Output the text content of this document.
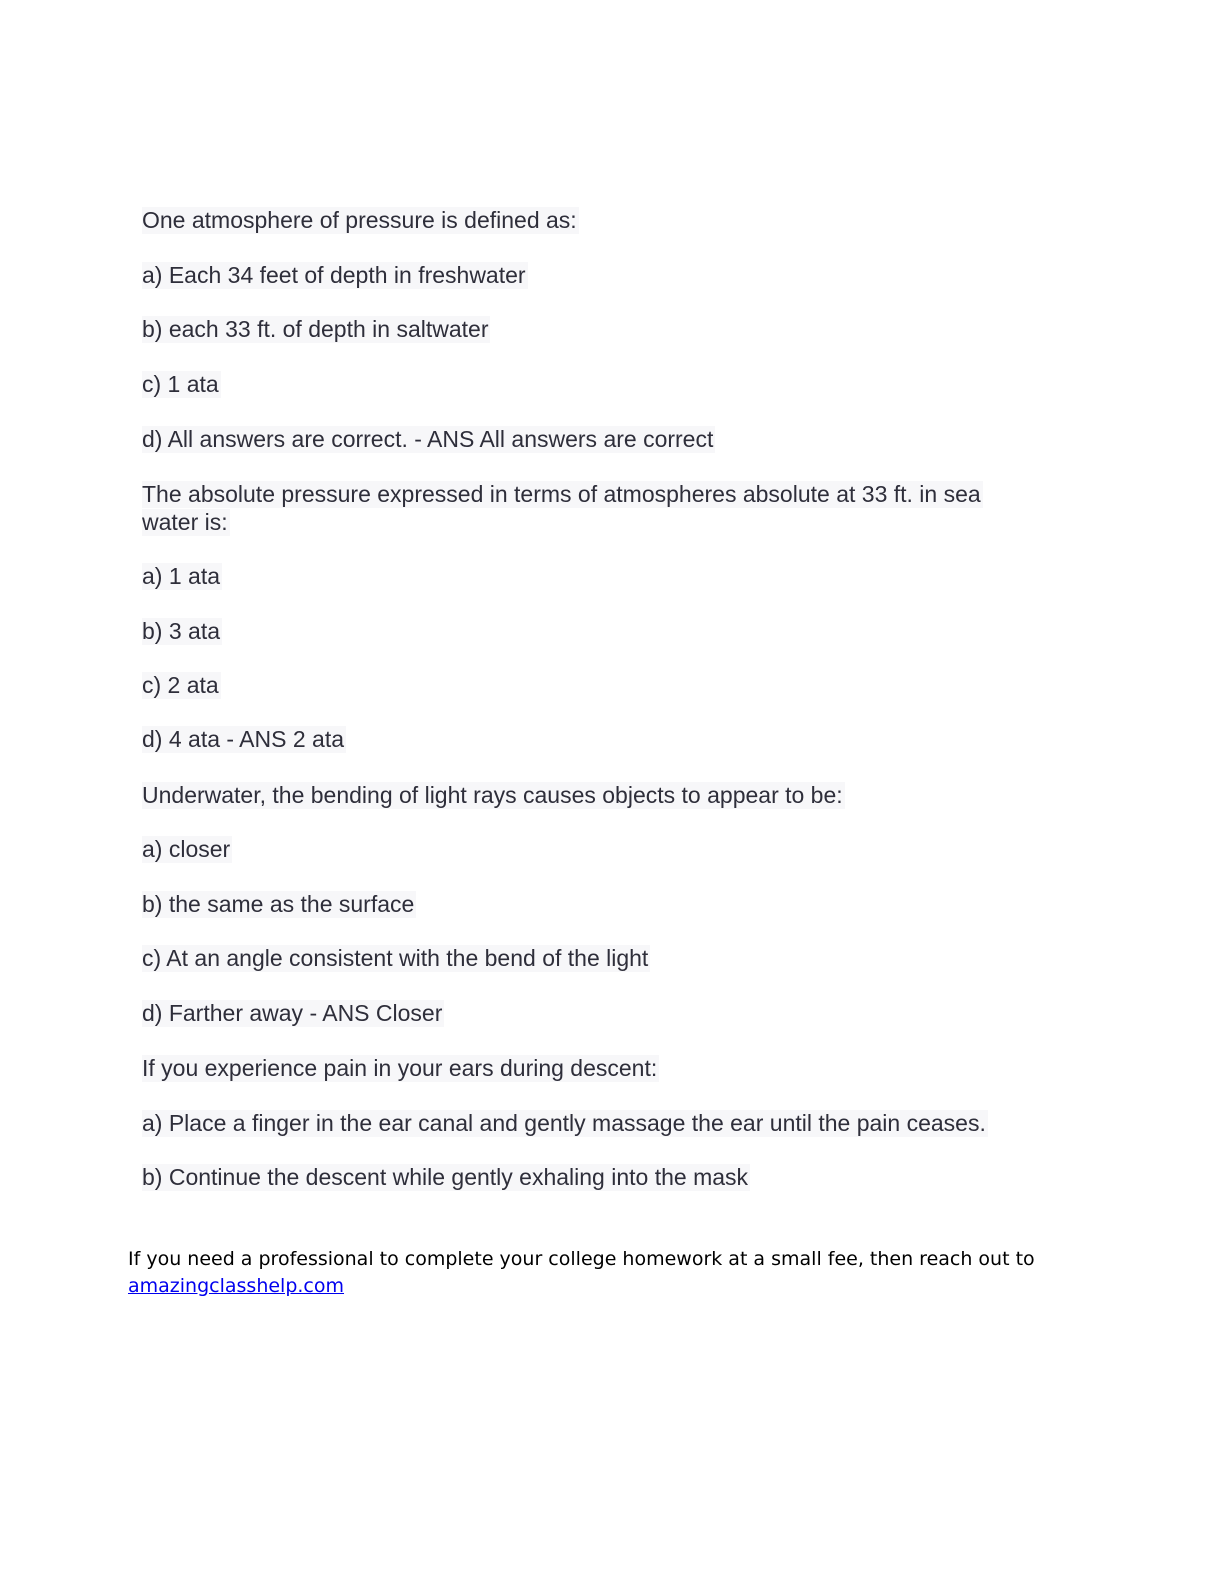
One atmosphere of pressure is defined as:
a) Each 34 feet of depth in freshwater
b) each 33 ft. of depth in saltwater
c) 1 ata
d) All answers are correct. - ANS All answers are correct
The absolute pressure expressed in terms of atmospheres absolute at 33 ft. in sea
water is:
a) 1 ata
b) 3 ata
c) 2 ata
d) 4 ata - ANS 2 ata
Underwater, the bending of light rays causes objects to appear to be:
a) closer
b) the same as the surface
c) At an angle consistent with the bend of the light
d) Farther away - ANS Closer
If you experience pain in your ears during descent:
a) Place a finger in the ear canal and gently massage the ear until the pain ceases.
b) Continue the descent while gently exhaling into the mask
If you need a professional to complete your college homework at a small fee, then reach out to
amazingclasshelp.com
